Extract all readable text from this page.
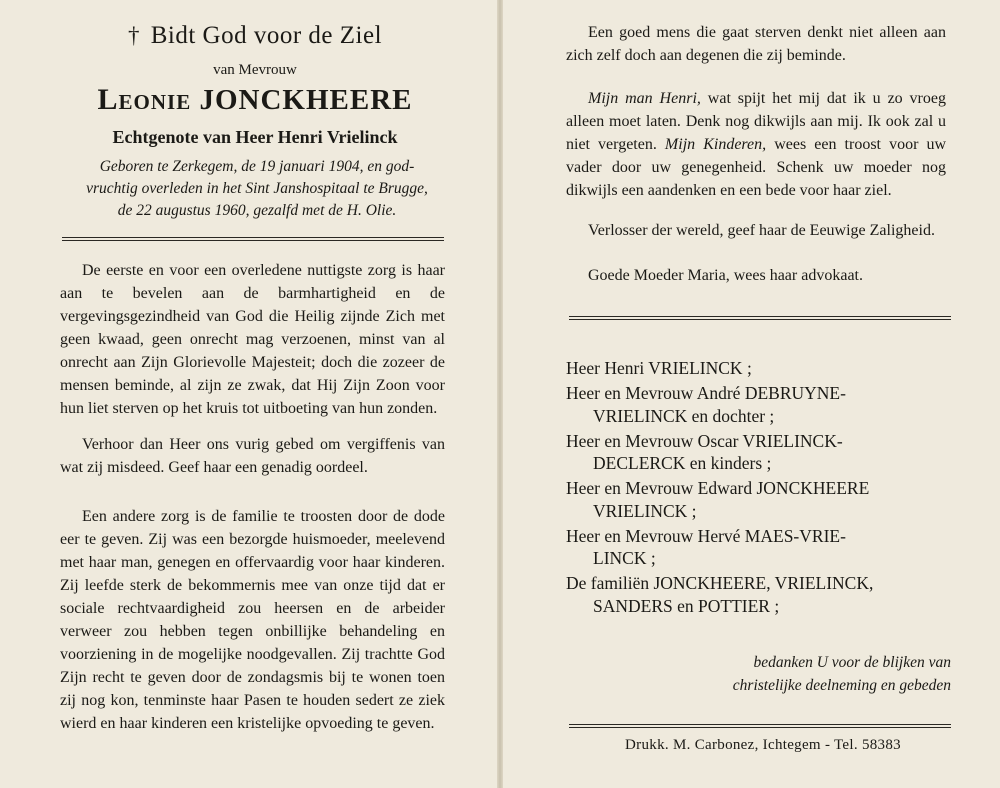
† Bidt God voor de Ziel
van Mevrouw
Leonie JONCKHEERE
Echtgenote van Heer Henri Vrielinck
Geboren te Zerkegem, de 19 januari 1904, en god-
vruchtig overleden in het Sint Janshospitaal te Brugge,
de 22 augustus 1960, gezalfd met de H. Olie.

De eerste en voor een overledene nuttigste zorg is haar aan te bevelen aan de barmhartigheid en de vergevingsgezindheid van God die Heilig zijnde Zich met geen kwaad, geen onrecht mag verzoenen, minst van al onrecht aan Zijn Glorievolle Majesteit; doch die zozeer de mensen beminde, al zijn ze zwak, dat Hij Zijn Zoon voor hun liet sterven op het kruis tot uitboeting van hun zonden.

Verhoor dan Heer ons vurig gebed om vergiffenis van wat zij misdeed. Geef haar een genadig oordeel.

Een andere zorg is de familie te troosten door de dode eer te geven. Zij was een bezorgde huismoeder, meelevend met haar man, genegen en offervaardig voor haar kinderen. Zij leefde sterk de bekommernis mee van onze tijd dat er sociale rechtvaardigheid zou heersen en de arbeider verweer zou hebben tegen onbillijke behandeling en voorziening in de mogelijke noodgevallen. Zij trachtte God Zijn recht te geven door de zondagsmis bij te wonen toen zij nog kon, tenminste haar Pasen te houden sedert ze ziek wierd en haar kinderen een kristelijke opvoeding te geven.

Een goed mens die gaat sterven denkt niet alleen aan zich zelf doch aan degenen die zij beminde.

Mijn man Henri, wat spijt het mij dat ik u zo vroeg alleen moet laten. Denk nog dikwijls aan mij. Ik ook zal u niet vergeten. Mijn Kinderen, wees een troost voor uw vader door uw genegenheid. Schenk uw moeder nog dikwijls een aandenken en een bede voor haar ziel.

Verlosser der wereld, geef haar de Eeuwige Zaligheid.

Goede Moeder Maria, wees haar advokaat.

Heer Henri VRIELINCK ;
Heer en Mevrouw André DEBRUYNE-
VRIELINCK en dochter ;
Heer en Mevrouw Oscar VRIELINCK-
DECLERCK en kinders ;
Heer en Mevrouw Edward JONCKHEERE
VRIELINCK ;
Heer en Mevrouw Hervé MAES-VRIE-
LINCK ;
De familiën JONCKHEERE, VRIELINCK,
SANDERS en POTTIER ;
bedanken U voor de blijken van
christelijke deelneming en gebeden
Drukk. M. Carbonez, Ichtegem - Tel. 58383
